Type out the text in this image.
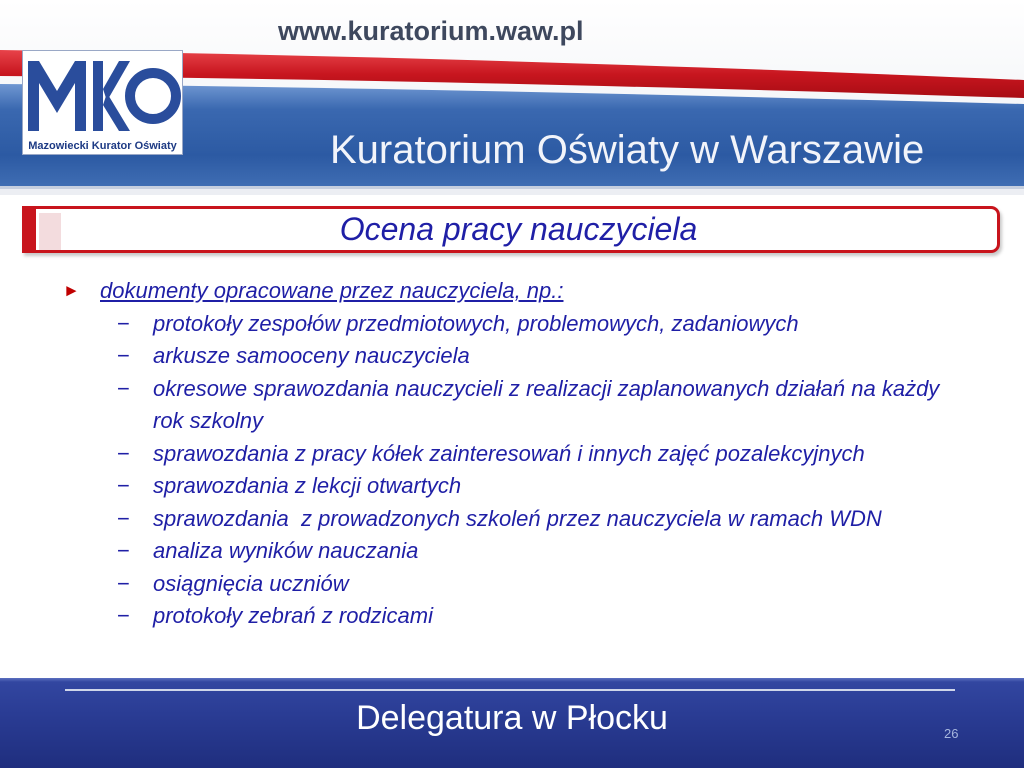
www.kuratorium.waw.pl
Kuratorium Oświaty w Warszawie
Mazowiecki Kurator Oświaty
Ocena pracy nauczyciela
► dokumenty opracowane przez nauczyciela, np.:
−	protokoły zespołów przedmiotowych, problemowych, zadaniowych
−	arkusze samooceny nauczyciela
−	okresowe sprawozdania nauczycieli z realizacji zaplanowanych działań na każdy rok szkolny
−	sprawozdania z pracy kółek zainteresowań i innych zajęć pozalekcyjnych
−	sprawozdania z lekcji otwartych
−	sprawozdania  z prowadzonych szkoleń przez nauczyciela w ramach WDN
−	analiza wyników nauczania
−	osiągnięcia uczniów
−	protokoły zebrań z rodzicami
Delegatura w Płocku	26
